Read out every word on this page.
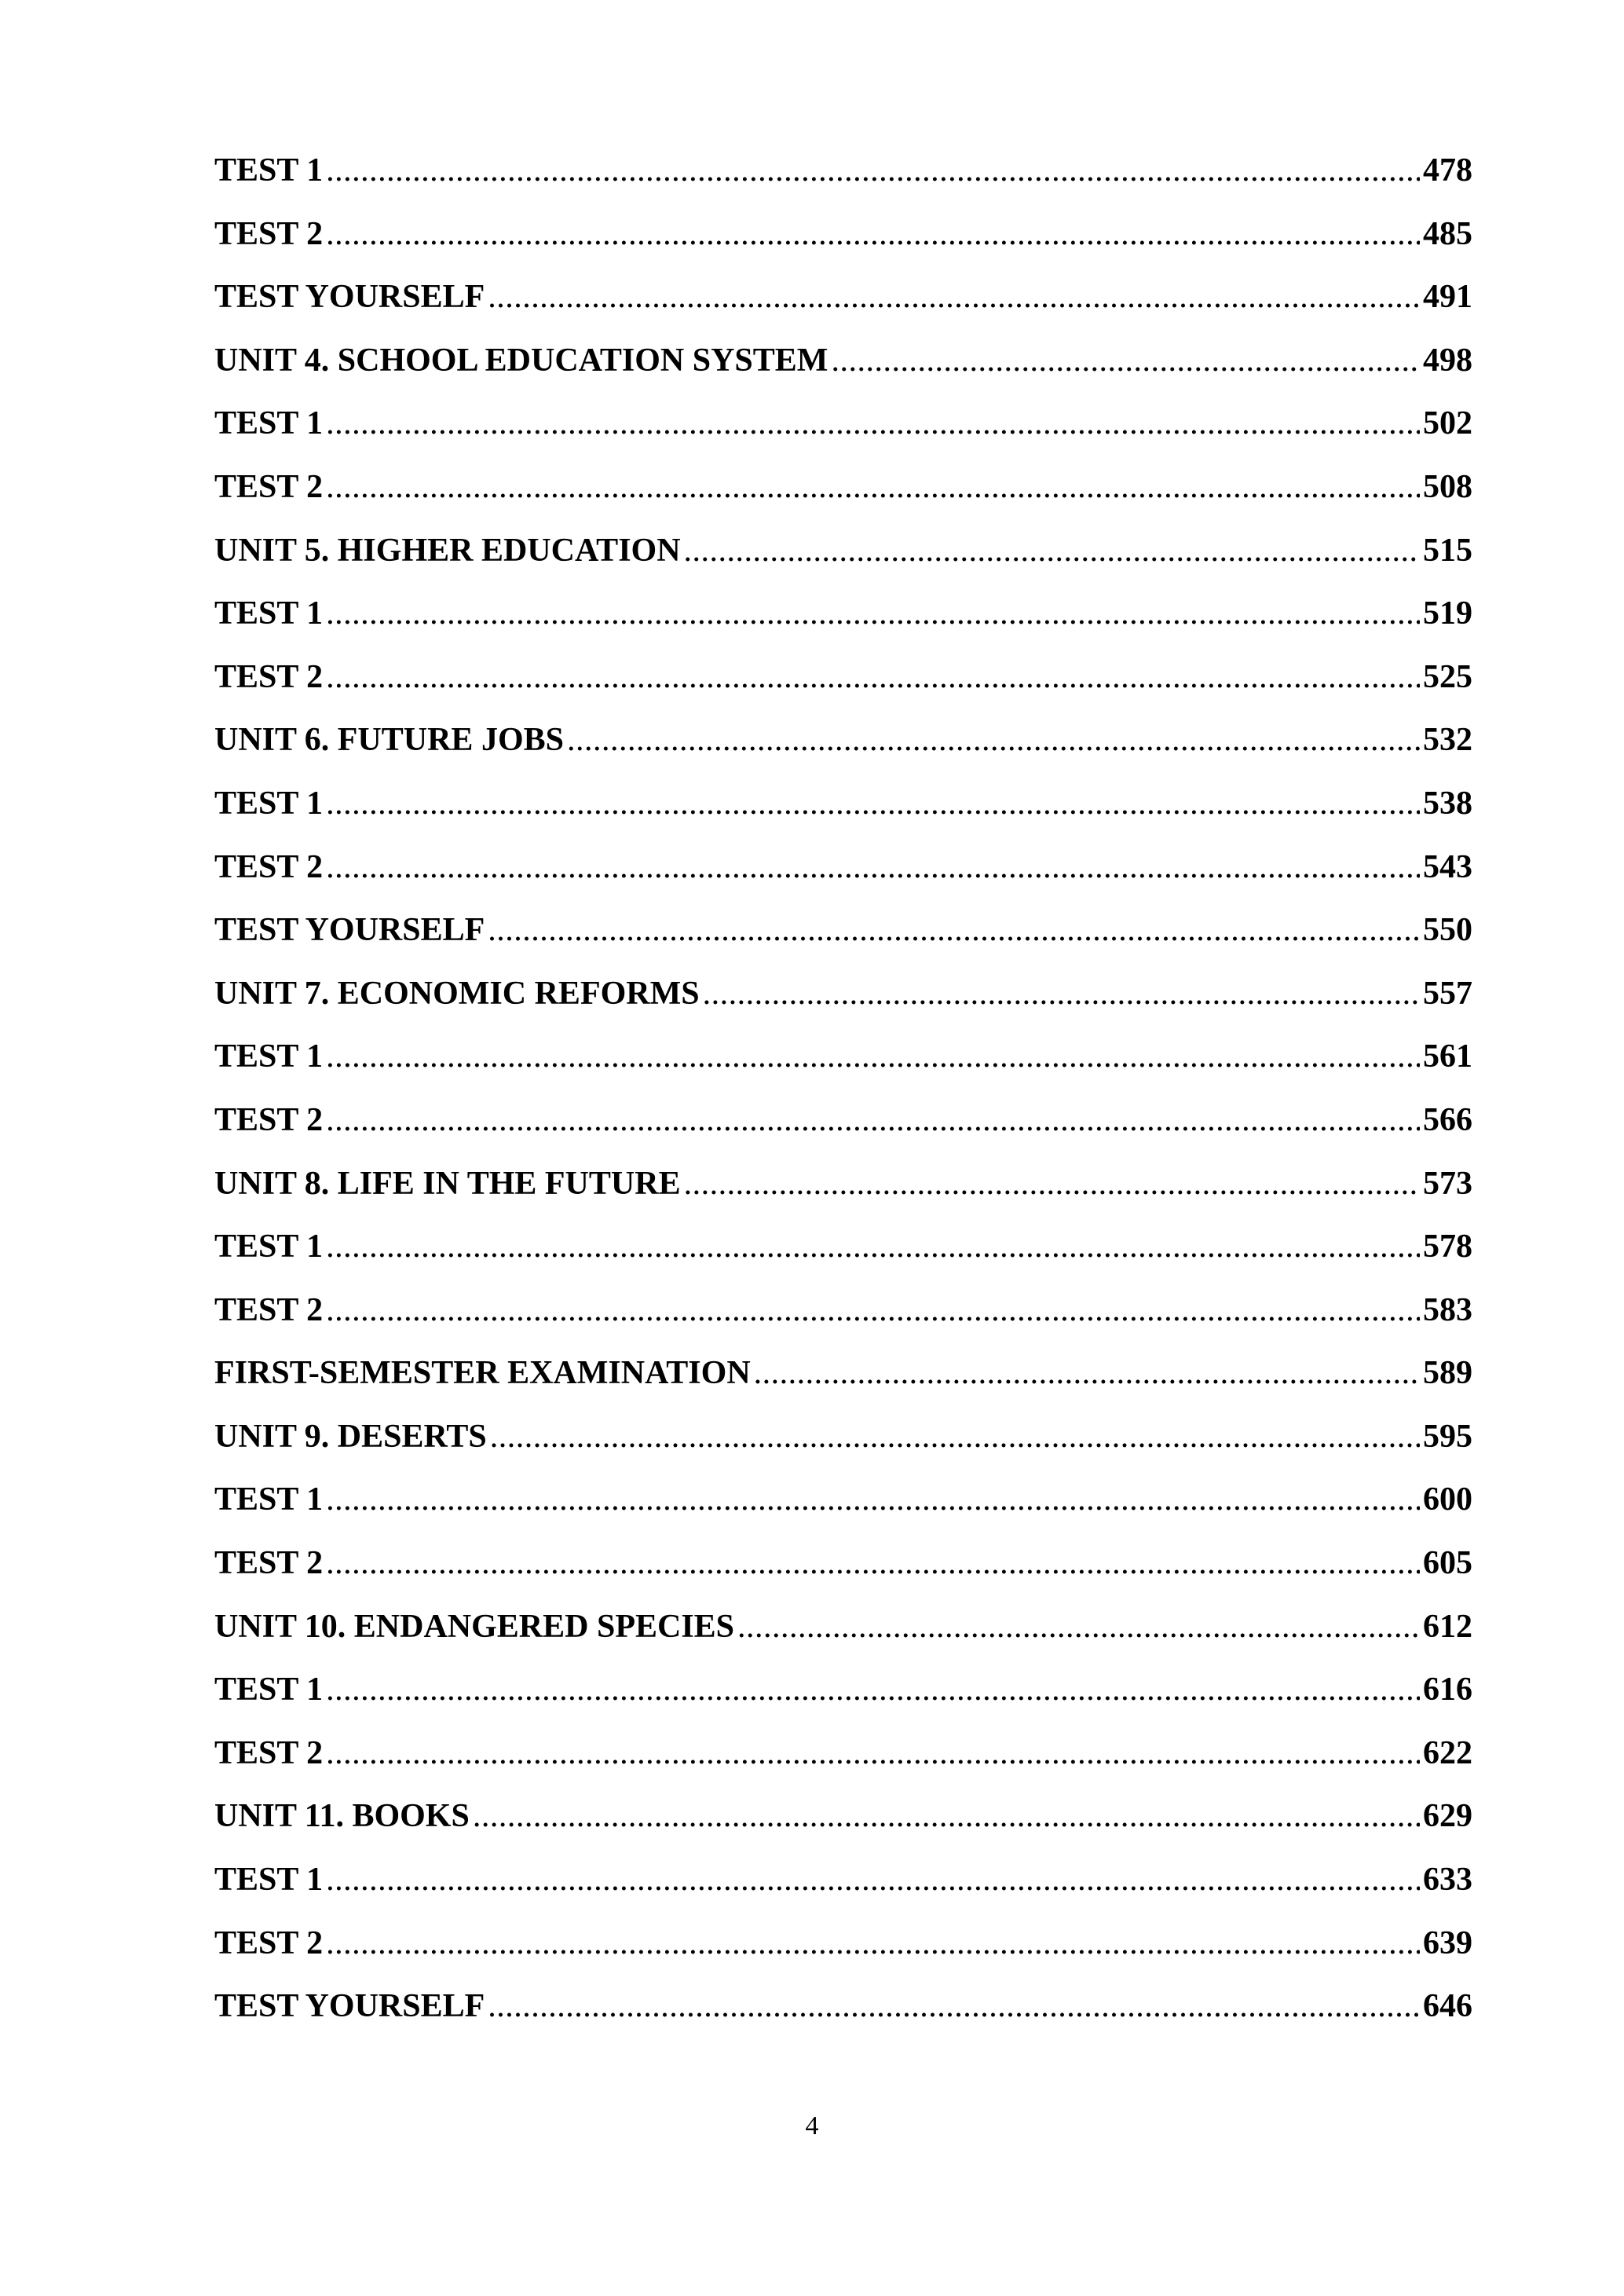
TEST 1 . . .	478
TEST 2 . . .	485
TEST YOURSELF . . .	491
UNIT 4. SCHOOL EDUCATION SYSTEM . . .	498
TEST 1 . . .	502
TEST 2 . . .	508
UNIT 5. HIGHER EDUCATION . . .	515
TEST 1 . . .	519
TEST 2 . . .	525
UNIT 6. FUTURE JOBS . . .	532
TEST 1 . . .	538
TEST 2 . . .	543
TEST YOURSELF . . .	550
UNIT 7. ECONOMIC REFORMS . . .	557
TEST 1 . . .	561
TEST 2 . . .	566
UNIT 8. LIFE IN THE FUTURE . . .	573
TEST 1 . . .	578
TEST 2 . . .	583
FIRST-SEMESTER EXAMINATION . . .	589
UNIT 9. DESERTS . . .	595
TEST 1 . . .	600
TEST 2 . . .	605
UNIT 10. ENDANGERED SPECIES . . .	612
TEST 1 . . .	616
TEST 2 . . .	622
UNIT 11. BOOKS . . .	629
TEST 1 . . .	633
TEST 2 . . .	639
TEST YOURSELF . . .	646
4
